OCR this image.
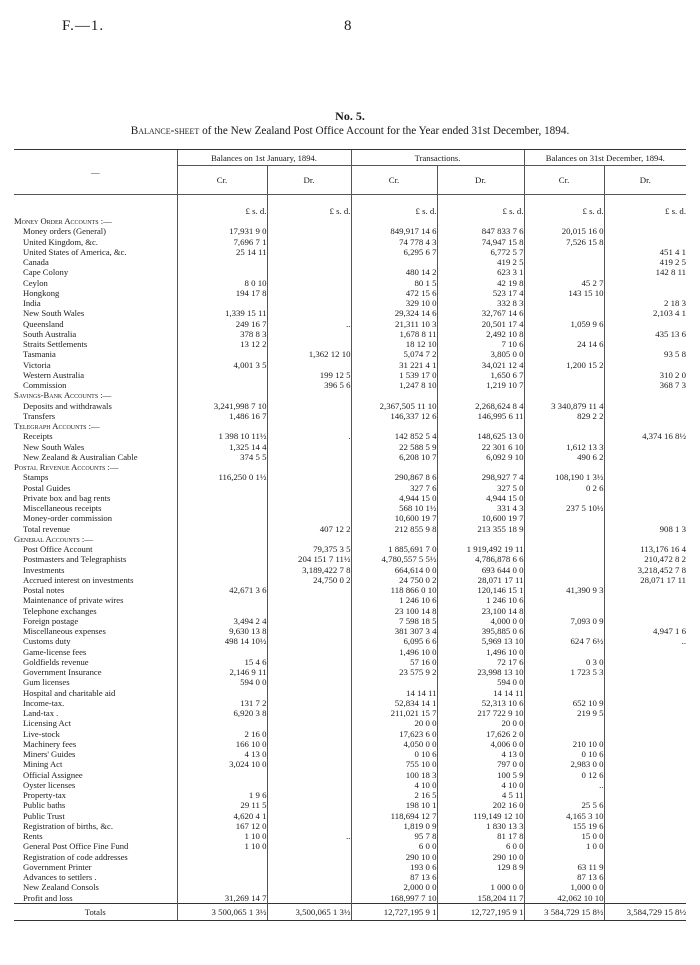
F.—1.	8
No. 5.
Balance-sheet of the New Zealand Post Office Account for the Year ended 31st December, 1894.
—	Balances on 1st January, 1894.		Transactions.		Balances on 31st December, 1894.	
	Cr.	Dr.	Cr.	Dr.	Cr.	Dr.

	£ s. d.	£ s. d.	£ s. d.	£ s. d.	£ s. d.	£ s. d.
Money Order Accounts :—						
Money orders (General)	17,931 9 0		849,917 14 6	847 833 7 6	20,015 16 0	
United Kingdom, &c.	7,696 7 1		74 778 4 3	74,947 15 8	7,526 15 8	
United States of America, &c.	25 14 11		6,295 6 7	6,772 5 7		451 4 1
Canada				419 2 5		419 2 5
Cape Colony			480 14 2	623 3 1		142 8 11
Ceylon	8 0 10		80 1 5	42 19 8	45 2 7	
Hongkong	194 17 8		472 15 6	523 17 4	143 15 10	
India			329 10 0	332 8 3		2 18 3
New South Wales	1,339 15 11		29,324 14 6	32,767 14 6		2,103 4 1
Queensland	249 16 7	..	21,311 10 3	20,501 17 4	1,059 9 6	
South Australia	378 8 3		1,678 8 11	2,492 10 8		435 13 6
Straits Settlements	13 12 2		18 12 10	7 10 6	24 14 6	
Tasmania		1,362 12 10	5,074 7 2	3,805 0 0		93 5 8
Victoria	4,001 3 5		31 221 4 1	34,021 12 4	1,200 15 2	
Western Australia		199 12 5	1 539 17 0	1,650 6 7		310 2 0
Commission		396 5 6	1,247 8 10	1,219 10 7		368 7 3
Savings-Bank Accounts :—						
Deposits and withdrawals	3,241,998 7 10		2,367,505 11 10	2,268,624 8 4	3 340,879 11 4	
Transfers	1,486 16 7		146,337 12 6	146,995 6 11	829 2 2	
Telegraph Accounts :—						
Receipts	1 398 10 11½	.	142 852 5 4	148,625 13 0		4,374 16 8½
New South Wales	1,325 14 4		22 588 5 9	22 301 6 10	1,612 13 3	
New Zealand & Australian Cable	374 5 5		6,208 10 7	6,092 9 10	490 6 2	
Postal Revenue Accounts :—						
Stamps	116,250 0 1½		290,867 8 6	298,927 7 4	108,190 1 3½	
Postal Guides			327 7 6	327 5 0	0 2 6	
Private box and bag rents			4,944 15 0	4,944 15 0		
Miscellaneous receipts			568 10 1½	331 4 3	237 5 10½	
Money-order commission			10,600 19 7	10,600 19 7		
Total revenue		407 12 2	212 855 9 8	213 355 18 9		908 1 3
General Accounts :—						
Post Office Account		79,375 3 5	1 885,691 7 0	1 919,492 19 11		113,176 16 4
Postmasters and Telegraphists		204 151 7 11½	4,780,557 5 5½	4,786,878 6 6		210,472 8 2
Investments		3,189,422 7 8	664,614 0 0	693 644 0 0		3,218,452 7 8
Accrued interest on investments		24,750 0 2	24 750 0 2	28,071 17 11		28,071 17 11
Postal notes	42,671 3 6		118 866 0 10	120,146 15 1	41,390 9 3	
Maintenance of private wires			1 246 10 6	1 246 10 6		
Telephone exchanges			23 100 14 8	23,100 14 8		
Foreign postage	3,494 2 4		7 598 18 5	4,000 0 0	7,093 0 9	
Miscellaneous expenses	9,630 13 8		381 307 3 4	395,885 0 6		4,947 1 6
Customs duty	498 14 10½		6,095 6 6	5,969 13 10	624 7 6½	..
Game-license fees			1,496 10 0	1,496 10 0		
Goldfields revenue	15 4 6		57 16 0	72 17 6	0 3 0	
Government Insurance	2,146 9 11		23 575 9 2	23,998 13 10	1 723 5 3	
Gum licenses	594 0 0			594 0 0		
Hospital and charitable aid			14 14 11	14 14 11		
Income-tax.	131 7 2		52,834 14 1	52,313 10 6	652 10 9	
Land-tax .	6,920 3 8		211,021 15 7	217 722 9 10	219 9 5	
Licensing Act			20 0 0	20 0 0		
Live-stock	2 16 0		17,623 6 0	17,626 2 0		
Machinery fees	166 10 0		4,050 0 0	4,006 0 0	210 10 0	
Miners' Guides	4 13 0		0 10 6	4 13 0	0 10 6	
Mining Act	3,024 10 0		755 10 0	797 0 0	2,983 0 0	
Official Assignee			100 18 3	100 5 9	0 12 6	
Oyster licenses			4 10 0	4 10 0	..	
Property-tax	1 9 6		2 16 5	4 5 11		
Public baths	29 11 5		198 10 1	202 16 0	25 5 6	
Public Trust	4,620 4 1		118,694 12 7	119,149 12 10	4,165 3 10	
Registration of births, &c.	167 12 0		1,819 0 9	1 830 13 3	155 19 6	
Rents	1 10 0	..	95 7 8	81 17 8	15 0 0	
General Post Office Fine Fund	1 10 0		6 0 0	6 0 0	1 0 0	
Registration of code addresses			290 10 0	290 10 0		
Government Printer			193 0 6	129 8 9	63 11 9	
Advances to settlers .			87 13 6		87 13 6	
New Zealand Consols			2,000 0 0	1 000 0 0	1,000 0 0	
Profit and loss	31,269 14 7		168,997 7 10	158,204 11 7	42,062 10 10	
Totals	3 500,065 1 3½	3,500,065 1 3½	12,727,195 9 1	12,727,195 9 1	3 584,729 15 8½	3,584,729 15 8½
